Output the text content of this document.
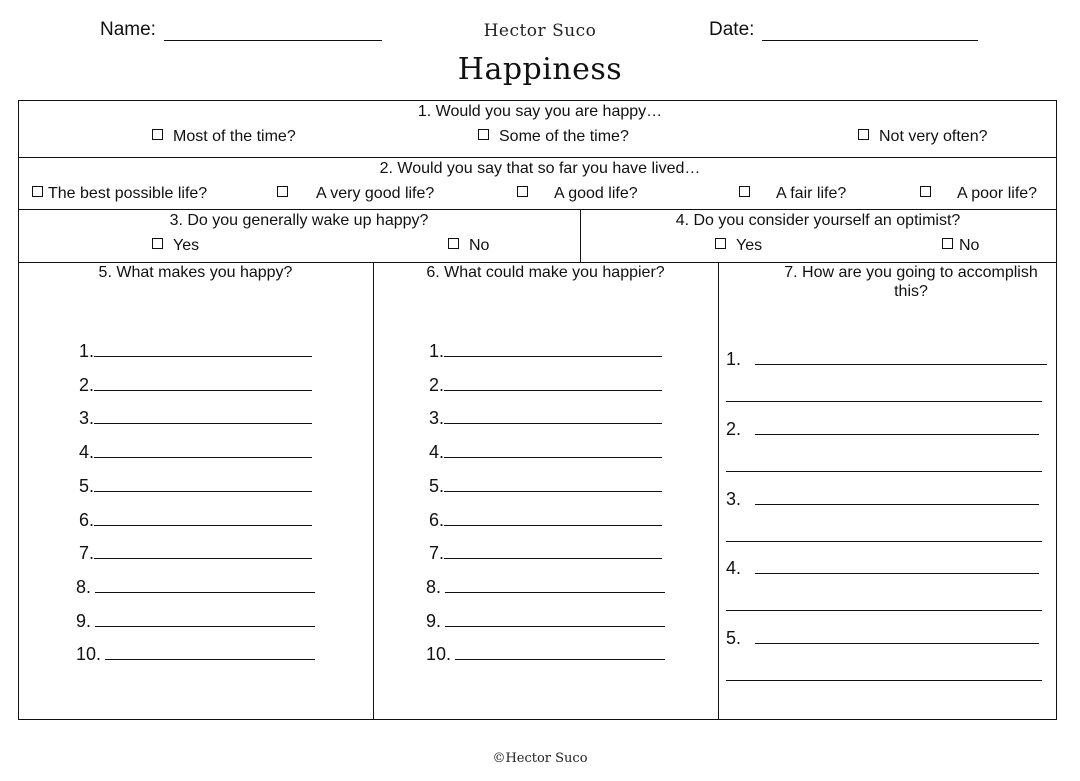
Name:	Hector Suco	Date:
Happiness
1. Would you say you are happy…
Most of the time?	Some of the time?	Not very often?
2. Would you say that so far you have lived…
The best possible life?	A very good life?	A good life?	A fair life?	A poor life?
3. Do you generally wake up happy?
Yes	No
4. Do you consider yourself an optimist?
Yes	No
5. What makes you happy?
1.
2.
3.
4.
5.
6.
7.
8.
9.
10.
6. What could make you happier?
1.
2.
3.
4.
5.
6.
7.
8.
9.
10.
7. How are you going to accomplish
this?
1.
2.
3.
4.
5.
©Hector Suco
